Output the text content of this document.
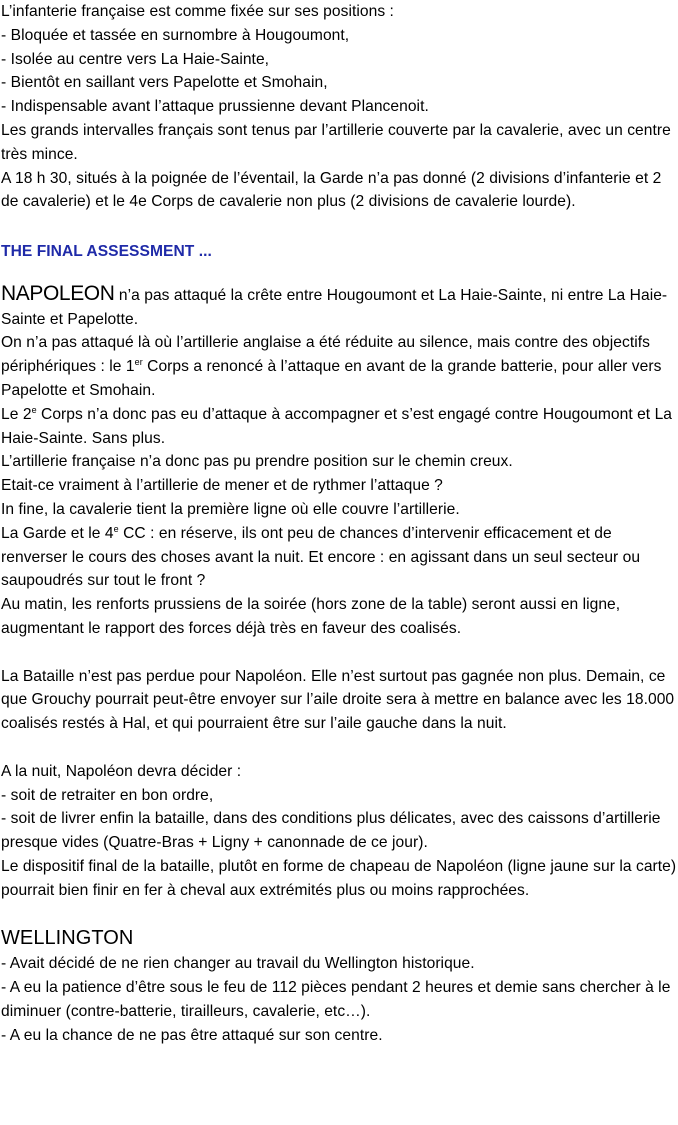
L’infanterie française est comme fixée sur ses positions :

- Bloquée et tassée en surnombre à Hougoumont,

- Isolée au centre vers La Haie-Sainte,

- Bientôt en saillant vers Papelotte et Smohain,

- Indispensable avant l’attaque prussienne devant Plancenoit.

Les grands intervalles français sont tenus par l’artillerie couverte par la cavalerie, avec un centre très mince.

A 18 h 30, situés à la poignée de l’éventail, la Garde n’a pas donné (2 divisions d’infanterie et 2 de cavalerie) et le 4e Corps de cavalerie non plus (2 divisions de cavalerie lourde).

THE FINAL ASSESSMENT ...

NAPOLEON n’a pas attaqué la crête entre Hougoumont et La Haie-Sainte, ni entre La Haie-Sainte et Papelotte.

On n’a pas attaqué là où l’artillerie anglaise a été réduite au silence, mais contre des objectifs périphériques : le 1er Corps a renoncé à l’attaque en avant de la grande batterie, pour aller vers Papelotte et Smohain.

Le 2e Corps n’a donc pas eu d’attaque à accompagner et s’est engagé contre Hougoumont et La Haie-Sainte. Sans plus.

L’artillerie française n’a donc pas pu prendre position sur le chemin creux.

Etait-ce vraiment à l’artillerie de mener et de rythmer l’attaque ?

In fine, la cavalerie tient la première ligne où elle couvre l’artillerie.

La Garde et le 4e CC : en réserve, ils ont peu de chances d’intervenir efficacement et de renverser le cours des choses avant la nuit. Et encore : en agissant dans un seul secteur ou saupoudrés sur tout le front ?

Au matin, les renforts prussiens de la soirée (hors zone de la table) seront aussi en ligne, augmentant le rapport des forces déjà très en faveur des coalisés.

La Bataille n’est pas perdue pour Napoléon. Elle n’est surtout pas gagnée non plus. Demain, ce que Grouchy pourrait peut-être envoyer sur l’aile droite sera à mettre en balance avec les 18.000 coalisés restés à Hal, et qui pourraient être sur l’aile gauche dans la nuit.

A la nuit, Napoléon devra décider :

- soit de retraiter en bon ordre,

- soit de livrer enfin la bataille, dans des conditions plus délicates, avec des caissons d’artillerie presque vides (Quatre-Bras + Ligny + canonnade de ce jour).

Le dispositif final de la bataille, plutôt en forme de chapeau de Napoléon (ligne jaune sur la carte) pourrait bien finir en fer à cheval aux extrémités plus ou moins rapprochées.

WELLINGTON

- Avait décidé de ne rien changer au travail du Wellington historique.

- A eu la patience d’être sous le feu de 112 pièces pendant 2 heures et demie sans chercher à le diminuer (contre-batterie, tirailleurs, cavalerie, etc…).

- A eu la chance de ne pas être attaqué sur son centre.
